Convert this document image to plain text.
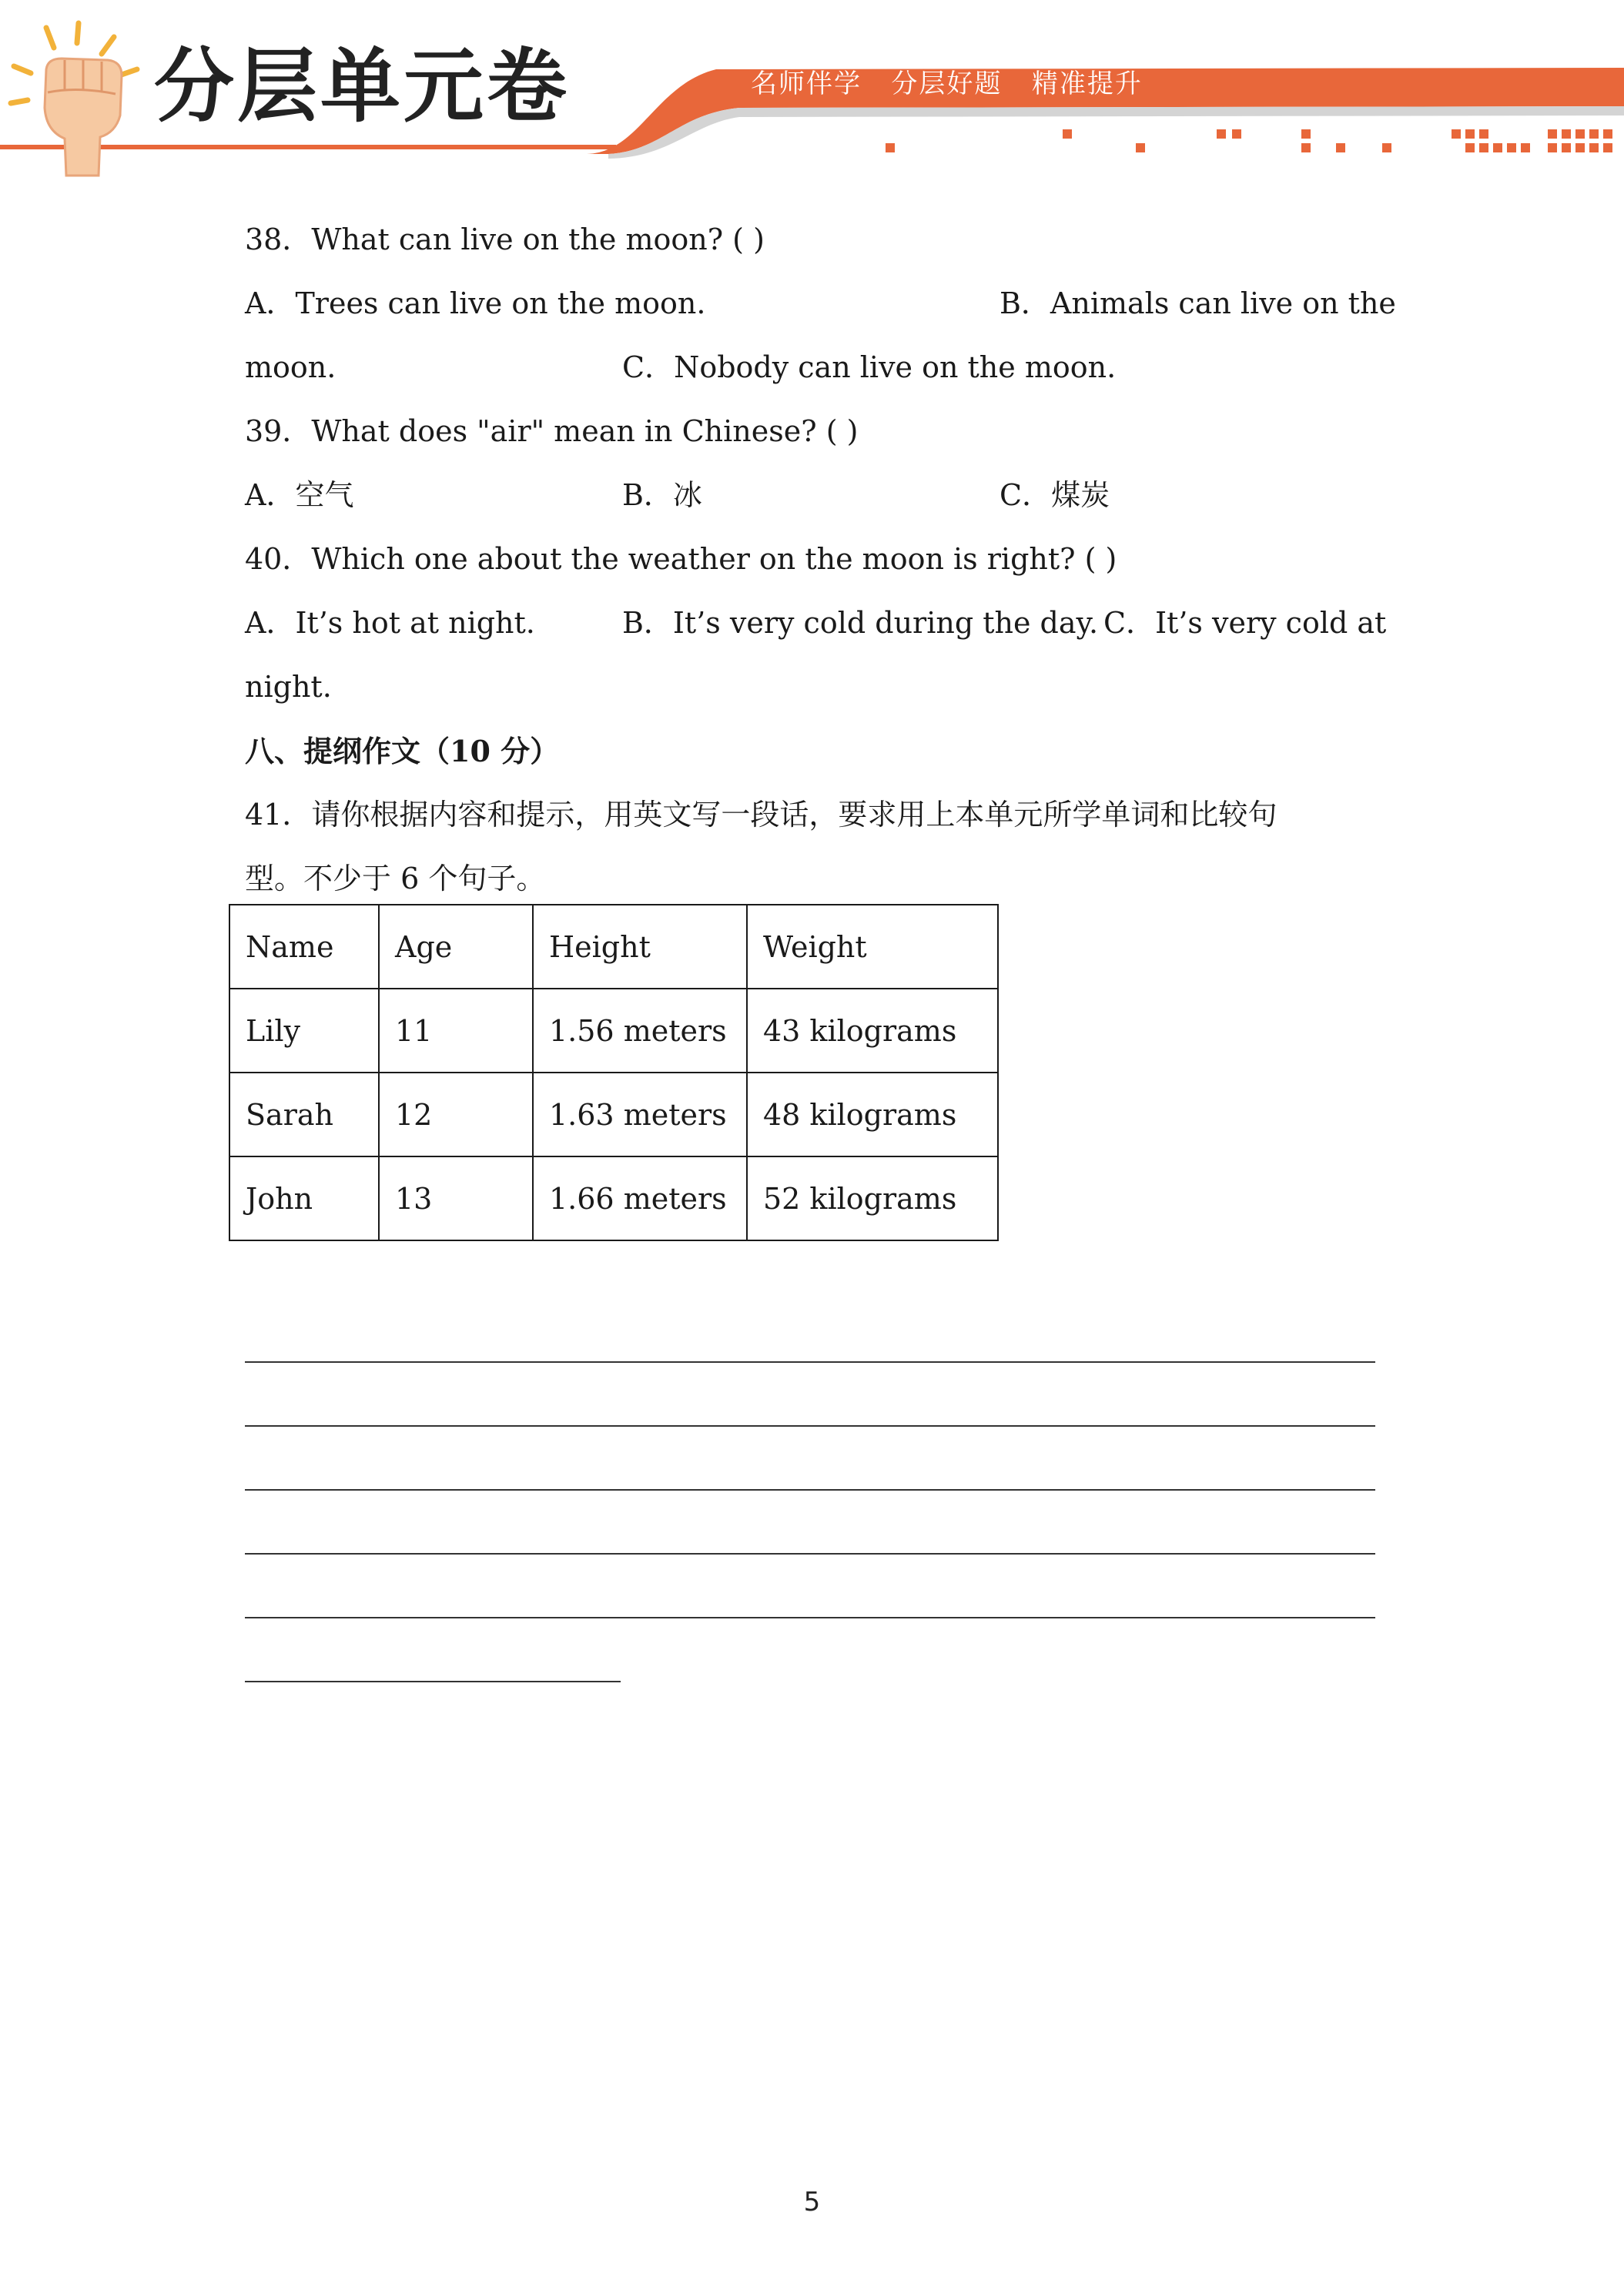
分层单元卷	名师伴学   分层好题   精准提升
38．What can live on the moon? ( )
A．Trees can live on the moon.	B．Animals can live on the
moon.	C．Nobody can live on the moon.
39．What does "air" mean in Chinese? ( )
A．空气	B．冰	C．煤炭
40．Which one about the weather on the moon is right? ( )
A．It’s hot at night.	B．It’s very cold during the day. C．It’s very cold at
night.
八、提纲作文（10 分）
41．请你根据内容和提示，用英文写一段话，要求用上本单元所学单词和比较句
型。不少于 6 个句子。
Name	Age	Height	Weight
Lily	11	1.56 meters	43 kilograms
Sarah	12	1.63 meters	48 kilograms
John	13	1.66 meters	52 kilograms
5
